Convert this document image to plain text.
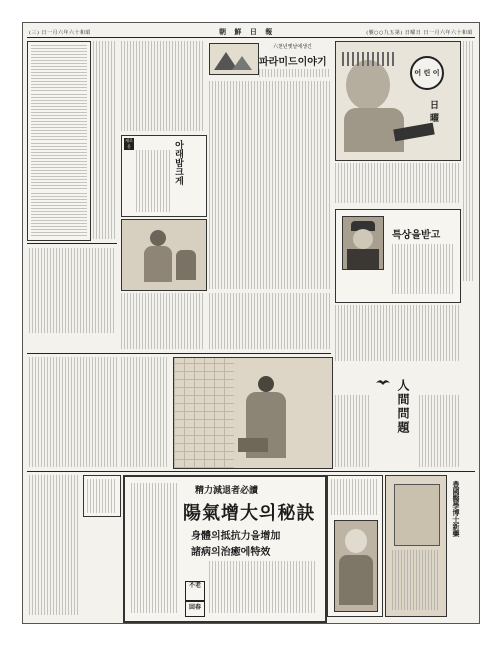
(三) 日一月六年六十和昭	朝 鮮 日 報	(號○○九五第) 日曜日 日一月六年六十和昭
새로운	아래밤크게
六천년옛날에생긴
파라미드이야기
어 린 이
日 曜
특상을받고
人間問題
精力減退者必讀
陽氣增大의秘訣
身體의抵抗力을增加
諸病의治癒에特效
不老
回春
豊國醫學博士新藥
